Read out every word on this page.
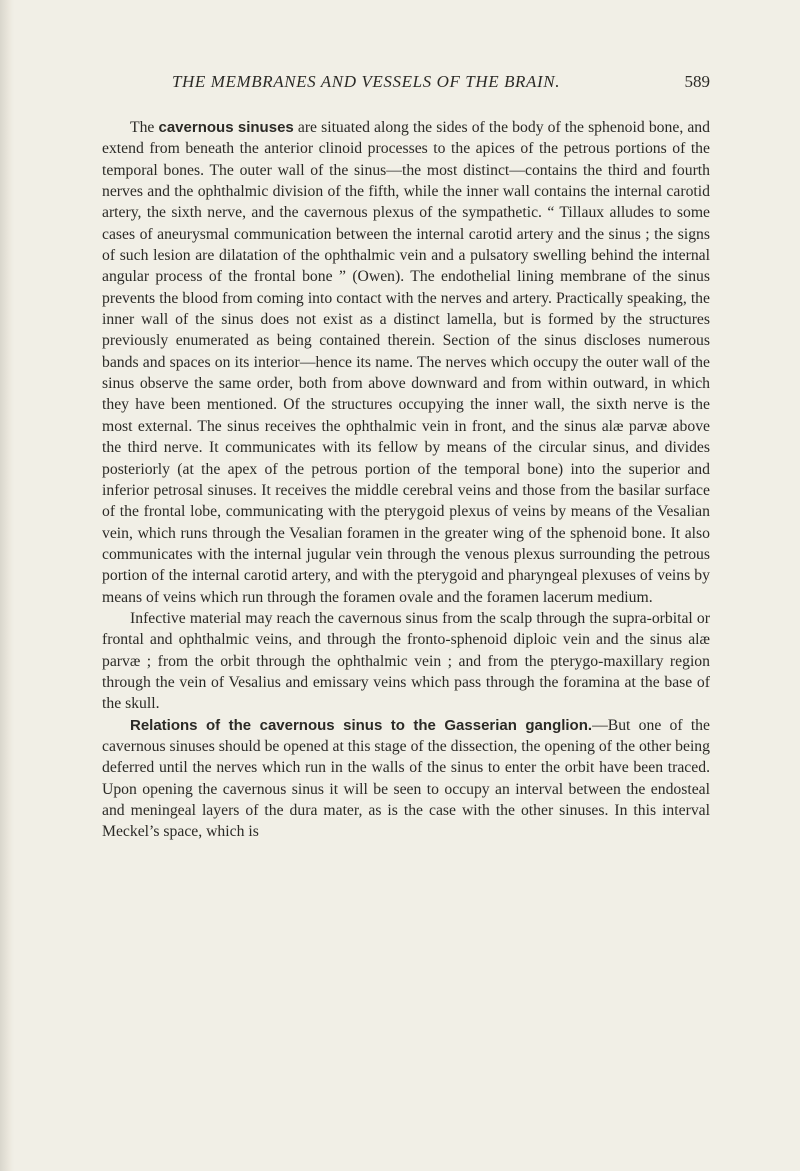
THE MEMBRANES AND VESSELS OF THE BRAIN.	589

The cavernous sinuses are situated along the sides of the body of the sphenoid bone, and extend from beneath the anterior clinoid processes to the apices of the petrous portions of the temporal bones. The outer wall of the sinus—the most distinct—contains the third and fourth nerves and the ophthalmic division of the fifth, while the inner wall contains the internal carotid artery, the sixth nerve, and the cavernous plexus of the sympathetic. “ Tillaux alludes to some cases of aneurysmal communication between the internal carotid artery and the sinus ; the signs of such lesion are dilatation of the ophthalmic vein and a pulsatory swelling behind the internal angular process of the frontal bone ” (Owen). The endothelial lining membrane of the sinus prevents the blood from coming into contact with the nerves and artery. Practically speaking, the inner wall of the sinus does not exist as a distinct lamella, but is formed by the structures previously enumerated as being contained therein. Section of the sinus discloses numerous bands and spaces on its interior—hence its name. The nerves which occupy the outer wall of the sinus observe the same order, both from above downward and from within outward, in which they have been mentioned. Of the structures occupying the inner wall, the sixth nerve is the most external. The sinus receives the ophthalmic vein in front, and the sinus alæ parvæ above the third nerve. It communicates with its fellow by means of the circular sinus, and divides posteriorly (at the apex of the petrous portion of the temporal bone) into the superior and inferior petrosal sinuses. It receives the middle cerebral veins and those from the basilar surface of the frontal lobe, communicating with the pterygoid plexus of veins by means of the Vesalian vein, which runs through the Vesalian foramen in the greater wing of the sphenoid bone. It also communicates with the internal jugular vein through the venous plexus surrounding the petrous portion of the internal carotid artery, and with the pterygoid and pharyngeal plexuses of veins by means of veins which run through the foramen ovale and the foramen lacerum medium.

Infective material may reach the cavernous sinus from the scalp through the supra-orbital or frontal and ophthalmic veins, and through the fronto-sphenoid diploic vein and the sinus alæ parvæ ; from the orbit through the ophthalmic vein ; and from the pterygo-maxillary region through the vein of Vesalius and emissary veins which pass through the foramina at the base of the skull.

Relations of the cavernous sinus to the Gasserian ganglion.—But one of the cavernous sinuses should be opened at this stage of the dissection, the opening of the other being deferred until the nerves which run in the walls of the sinus to enter the orbit have been traced. Upon opening the cavernous sinus it will be seen to occupy an interval between the endosteal and meningeal layers of the dura mater, as is the case with the other sinuses. In this interval Meckel’s space, which is
